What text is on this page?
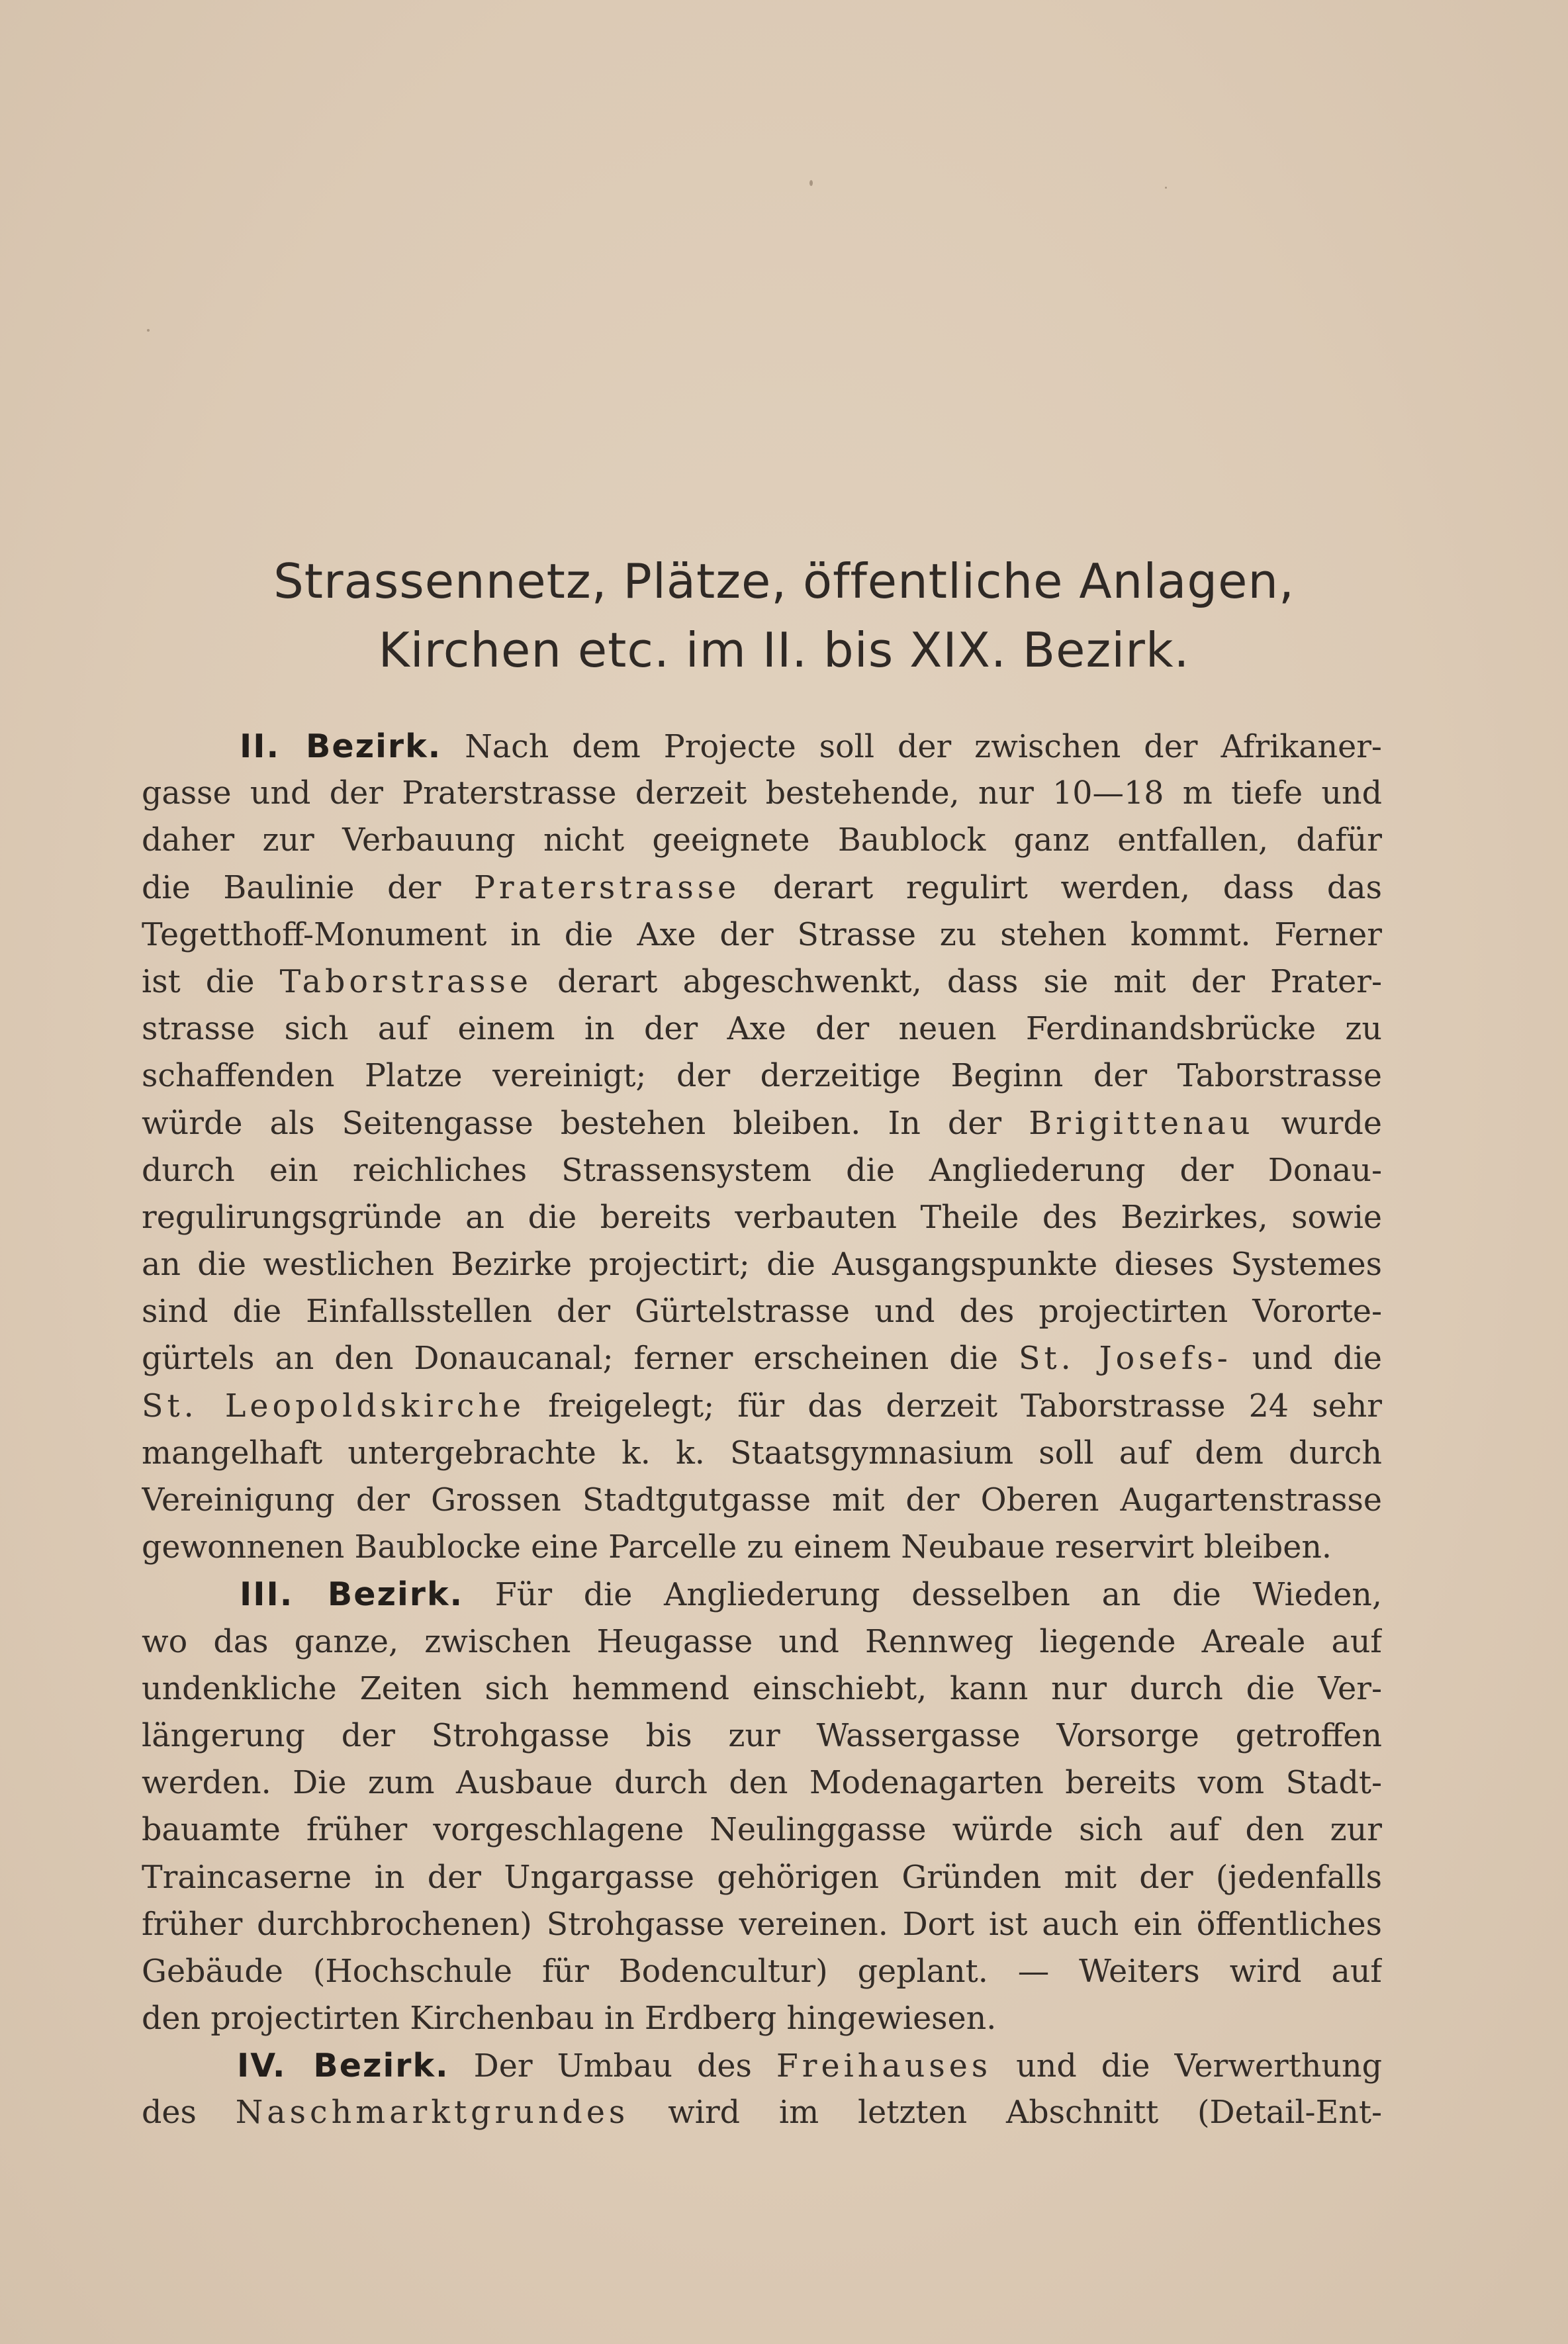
Strassennetz, Plätze, öffentliche Anlagen,
Kirchen etc. im II. bis XIX. Bezirk.
II. Bezirk. Nach dem Projecte soll der zwischen der Afrikaner-
gasse und der Praterstrasse derzeit bestehende, nur 10—18 m tiefe und
daher zur Verbauung nicht geeignete Baublock ganz entfallen, dafür
die Baulinie der Praterstrasse derart regulirt werden, dass das
Tegetthoff-Monument in die Axe der Strasse zu stehen kommt. Ferner
ist die Taborstrasse derart abgeschwenkt, dass sie mit der Prater-
strasse sich auf einem in der Axe der neuen Ferdinandsbrücke zu
schaffenden Platze vereinigt; der derzeitige Beginn der Taborstrasse
würde als Seitengasse bestehen bleiben. In der Brigittenau wurde
durch ein reichliches Strassensystem die Angliederung der Donau-
regulirungsgründe an die bereits verbauten Theile des Bezirkes, sowie
an die westlichen Bezirke projectirt; die Ausgangspunkte dieses Systemes
sind die Einfallsstellen der Gürtelstrasse und des projectirten Vororte-
gürtels an den Donaucanal; ferner erscheinen die St. Josefs- und die
St. Leopoldskirche freigelegt; für das derzeit Taborstrasse 24 sehr
mangelhaft untergebrachte k. k. Staatsgymnasium soll auf dem durch
Vereinigung der Grossen Stadtgutgasse mit der Oberen Augartenstrasse
gewonnenen Baublocke eine Parcelle zu einem Neubaue reservirt bleiben.
III. Bezirk. Für die Angliederung desselben an die Wieden,
wo das ganze, zwischen Heugasse und Rennweg liegende Areale auf
undenkliche Zeiten sich hemmend einschiebt, kann nur durch die Ver-
längerung der Strohgasse bis zur Wassergasse Vorsorge getroffen
werden. Die zum Ausbaue durch den Modenagarten bereits vom Stadt-
bauamte früher vorgeschlagene Neulinggasse würde sich auf den zur
Traincaserne in der Ungargasse gehörigen Gründen mit der (jedenfalls
früher durchbrochenen) Strohgasse vereinen. Dort ist auch ein öffentliches
Gebäude (Hochschule für Bodencultur) geplant. — Weiters wird auf
den projectirten Kirchenbau in Erdberg hingewiesen.
IV. Bezirk. Der Umbau des Freihauses und die Verwerthung
des Naschmarktgrundes wird im letzten Abschnitt (Detail-Ent-
